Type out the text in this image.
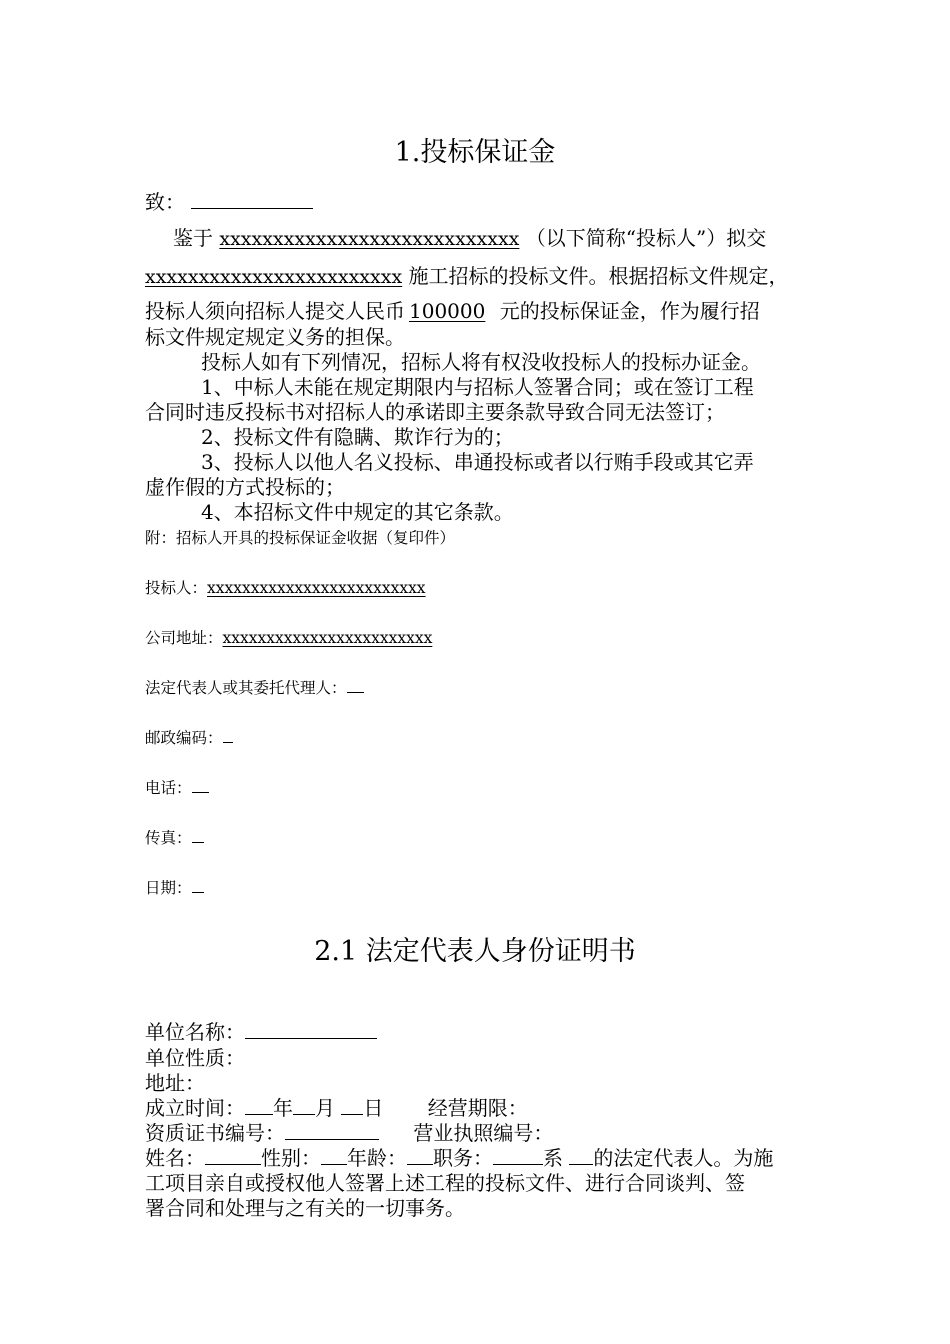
1.投标保证金
致：
鉴于 xxxxxxxxxxxxxxxxxxxxxxxxxxxx （以下简称“投标人”）拟交
xxxxxxxxxxxxxxxxxxxxxxxx 施工招标的投标文件。根据招标文件规定，
投标人须向招标人提交人民币 100000 元的投标保证金，作为履行招
标文件规定规定义务的担保。
投标人如有下列情况，招标人将有权没收投标人的投标办证金。
1、中标人未能在规定期限内与招标人签署合同；或在签订工程
合同时违反投标书对招标人的承诺即主要条款导致合同无法签订；
2、投标文件有隐瞒、欺诈行为的；
3、投标人以他人名义投标、串通投标或者以行贿手段或其它弄
虚作假的方式投标的；
4、本招标文件中规定的其它条款。
附：招标人开具的投标保证金收据（复印件）
投标人：xxxxxxxxxxxxxxxxxxxxxxxxx
公司地址：xxxxxxxxxxxxxxxxxxxxxxxx
法定代表人或其委托代理人：
邮政编码：
电话：
传真：
日期：
2.1 法定代表人身份证明书
单位名称：
单位性质：
地址：
成立时间： 年 月 日 经营期限：
资质证书编号：	营业执照编号：
姓名：	性别： 年龄： 职务：	系 的法定代表人。为施
工项目亲自或授权他人签署上述工程的投标文件、进行合同谈判、签
署合同和处理与之有关的一切事务。
